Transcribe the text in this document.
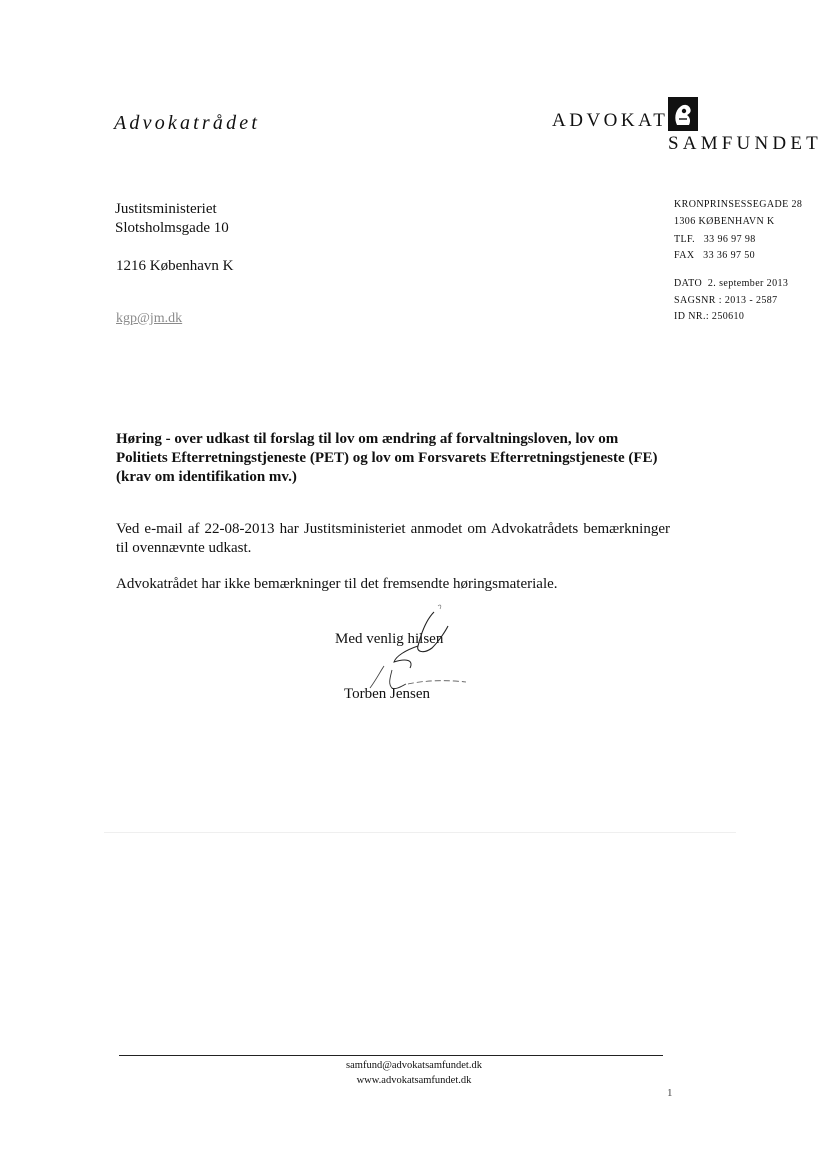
Advokatrådet	ADVOKAT
SAMFUNDET
Justitsministeriet
Slotsholmsgade 10
1216 København K
kgp@jm.dk
KRONPRINSESSEGADE 28
1306 KØBENHAVN K
TLF.   33 96 97 98
FAX   33 36 97 50
DATO  2. september 2013
SAGSNR : 2013 - 2587
ID NR.: 250610
Høring - over udkast til forslag til lov om ændring af forvaltningsloven, lov om Politiets Efterretningstjeneste (PET) og lov om Forsvarets Efterretningstjeneste (FE) (krav om identifikation mv.)
Ved e-mail af 22-08-2013 har Justitsministeriet anmodet om Advokatrådets bemærkninger til ovennævnte udkast.
Advokatrådet har ikke bemærkninger til det fremsendte høringsmateriale.
Med venlig hilsen
Torben Jensen
samfund@advokatsamfundet.dk
www.advokatsamfundet.dk
1
